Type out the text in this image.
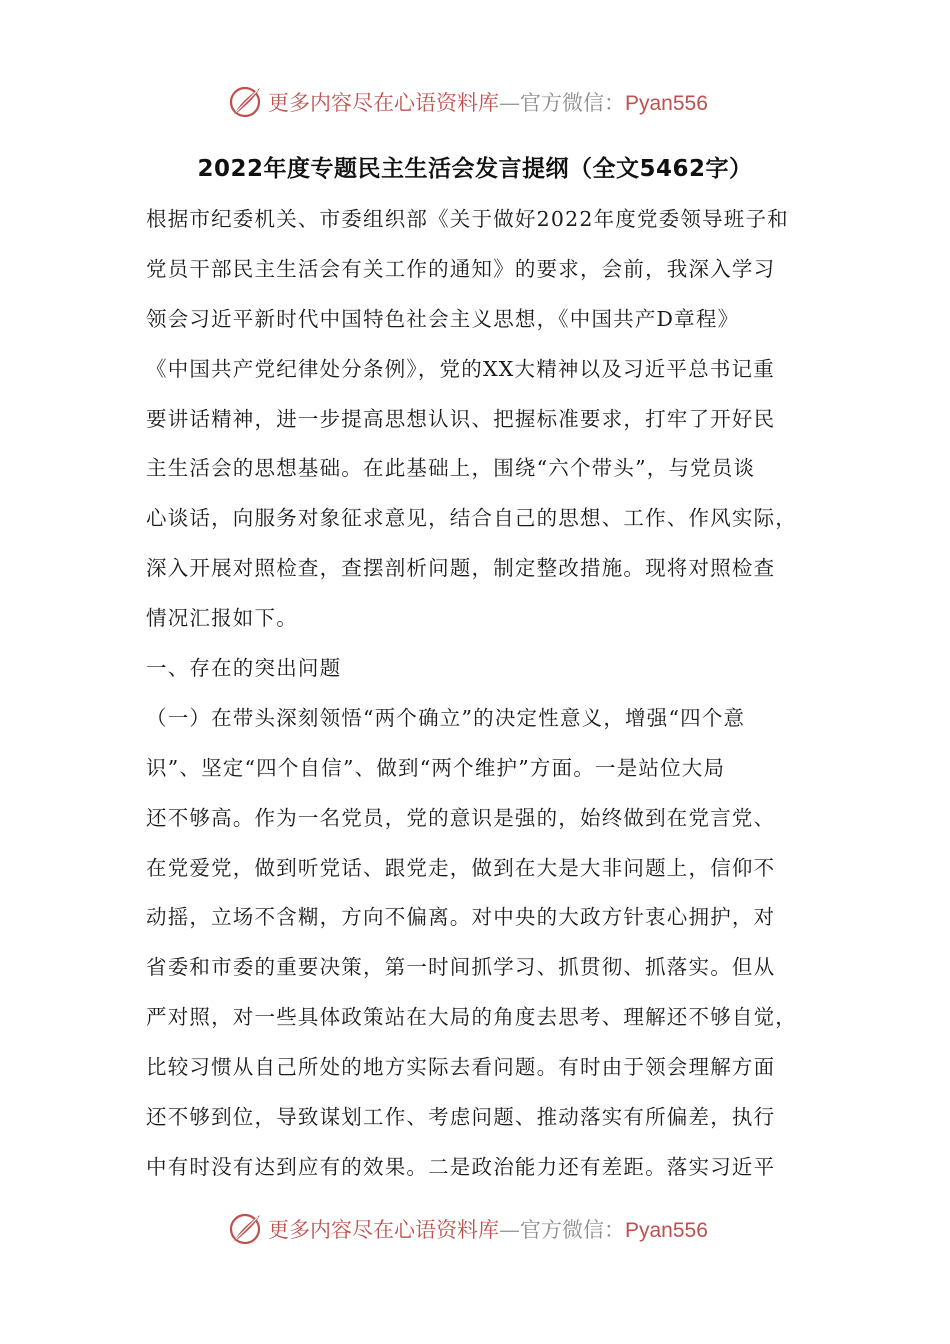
更多内容尽在心语资料库—官方微信：Pyan556
2022年度专题民主生活会发言提纲（全文5462字）
根据市纪委机关、市委组织部《关于做好2022年度党委领导班子和
党员干部民主生活会有关工作的通知》的要求，会前，我深入学习
领会习近平新时代中国特色社会主义思想，《中国共产D章程》
《中国共产党纪律处分条例》，党的XX大精神以及习近平总书记重
要讲话精神，进一步提高思想认识、把握标准要求，打牢了开好民
主生活会的思想基础。在此基础上，围绕“六个带头”，与党员谈
心谈话，向服务对象征求意见，结合自己的思想、工作、作风实际，
深入开展对照检查，查摆剖析问题，制定整改措施。现将对照检查
情况汇报如下。
一、存在的突出问题
（一）在带头深刻领悟“两个确立”的决定性意义，增强“四个意
识”、坚定“四个自信”、做到“两个维护”方面。一是站位大局
还不够高。作为一名党员，党的意识是强的，始终做到在党言党、
在党爱党，做到听党话、跟党走，做到在大是大非问题上，信仰不
动摇，立场不含糊，方向不偏离。对中央的大政方针衷心拥护，对
省委和市委的重要决策，第一时间抓学习、抓贯彻、抓落实。但从
严对照，对一些具体政策站在大局的角度去思考、理解还不够自觉，
比较习惯从自己所处的地方实际去看问题。有时由于领会理解方面
还不够到位，导致谋划工作、考虑问题、推动落实有所偏差，执行
中有时没有达到应有的效果。二是政治能力还有差距。落实习近平
更多内容尽在心语资料库—官方微信：Pyan556
